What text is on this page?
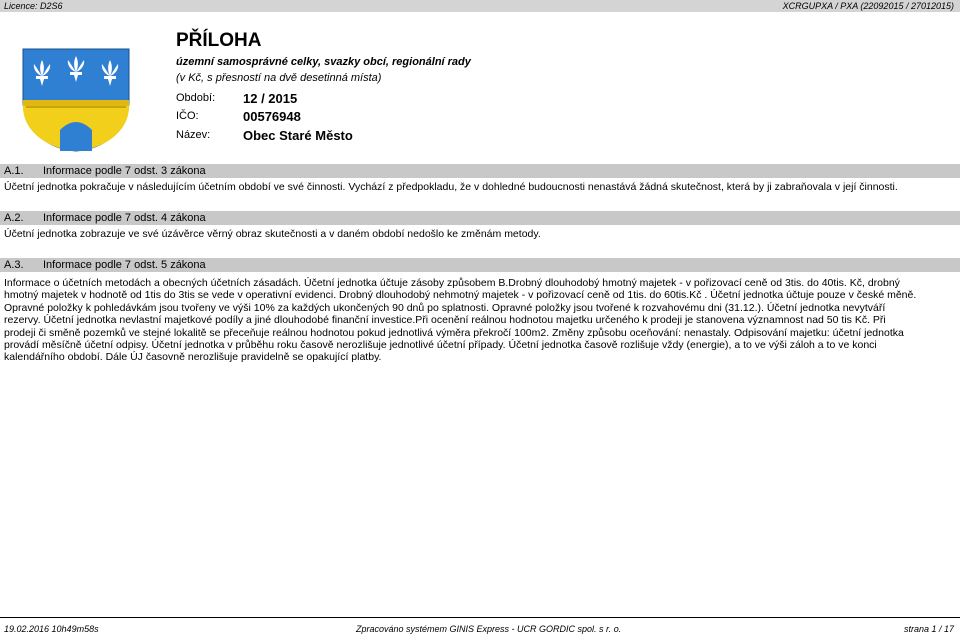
Licence: D2S6	XCRGUPXA / PXA (22092015 / 27012015)
PŘÍLOHA
územní samosprávné celky, svazky obcí, regionální rady
(v Kč, s přesností na dvě desetinná místa)
Období: 12 / 2015
IČO:	00576948
Název:	Obec Staré Město
A.1. Informace podle 7 odst. 3 zákona
Účetní jednotka pokračuje v následujícím účetním období ve své činnosti. Vychází z předpokladu, že v dohledné budoucnosti nenastává žádná skutečnost, která by ji zabraňovala v její činnosti.
A.2. Informace podle 7 odst. 4 zákona
Účetní jednotka zobrazuje ve své úzávěrce věrný obraz skutečnosti a v daném období nedošlo ke změnám metody.
A.3. Informace podle 7 odst. 5 zákona
Informace o účetních metodách a obecných účetních zásadách. Účetní jednotka účtuje zásoby způsobem B.Drobný dlouhodobý hmotný majetek - v pořizovací ceně od 3tis. do 40tis. Kč, drobný
hmotný majetek v hodnotě od 1tis do 3tis se vede v operativní evidenci. Drobný dlouhodobý nehmotný majetek - v pořizovací ceně od 1tis. do 60tis.Kč . Účetní jednotka účtuje pouze v české měně.
Opravné položky k pohledávkám jsou tvořeny ve výši 10% za každých ukončených 90 dnů po splatnosti. Opravné položky jsou tvořené k rozvahovému dni (31.12.). Účetní jednotka nevytváří
rezervy. Účetní jednotka nevlastní majetkové podíly a jiné dlouhodobé finanční investice.Při ocenění reálnou hodnotou majetku určeného k prodeji je stanovena významnost nad 50 tis Kč. Při
prodeji či směně pozemků ve stejné lokalitě se přeceňuje reálnou hodnotou pokud jednotlivá výměra překročí 100m2. Změny způsobu oceňování: nenastaly. Odpisování majetku: účetní jednotka
provádí měsíčně účetní odpisy. Účetní jednotka v průběhu roku časově nerozlišuje jednotlivé účetní případy. Účetní jednotka časově rozlišuje vždy (energie), a to ve výši záloh a to ve konci
kalendářního období. Dále ÚJ časovně nerozlišuje pravidelně se opakující platby.
19.02.2016 10h49m58s	Zpracováno systémem GINIS Express - UCR GORDIC spol. s r. o.	strana 1 / 17
